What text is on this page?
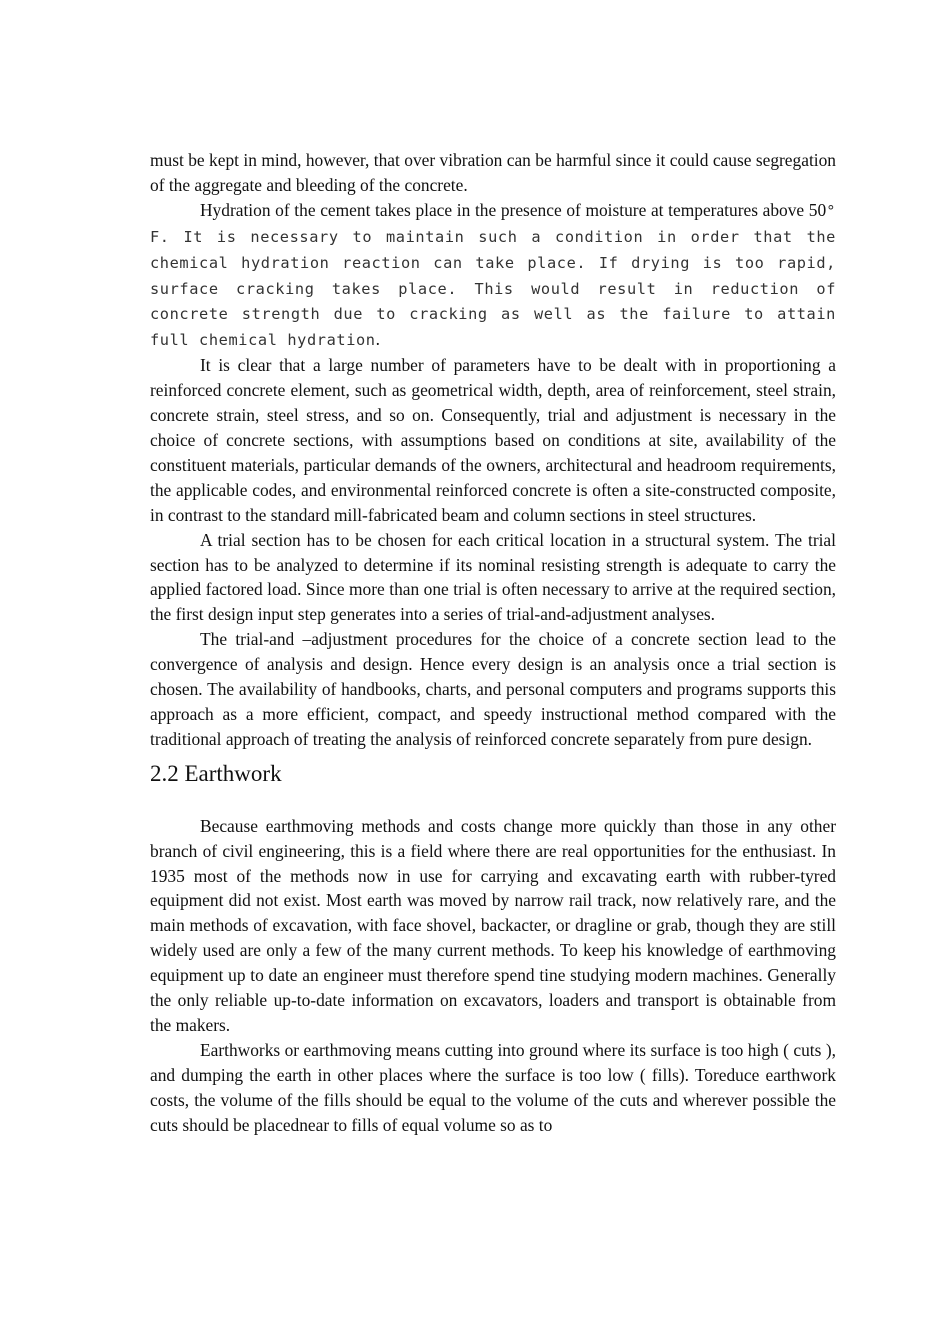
must be kept in mind, however, that over vibration can be harmful since it could cause segregation of the aggregate and bleeding of the concrete.

Hydration of the cement takes place in the presence of moisture at temperatures above 50° F. It is necessary to maintain such a condition in order that the chemical hydration reaction can take place. If drying is too rapid, surface cracking takes place. This would result in reduction of concrete strength due to cracking as well as the failure to attain full chemical hydration.

It is clear that a large number of parameters have to be dealt with in proportioning a reinforced concrete element, such as geometrical width, depth, area of reinforcement, steel strain, concrete strain, steel stress, and so on. Consequently, trial and adjustment is necessary in the choice of concrete sections, with assumptions based on conditions at site, availability of the constituent materials, particular demands of the owners, architectural and headroom requirements, the applicable codes, and environmental reinforced concrete is often a site-constructed composite, in contrast to the standard mill-fabricated beam and column sections in steel structures.

A trial section has to be chosen for each critical location in a structural system. The trial section has to be analyzed to determine if its nominal resisting strength is adequate to carry the applied factored load. Since more than one trial is often necessary to arrive at the required section, the first design input step generates into a series of trial-and-adjustment analyses.

The trial-and –adjustment procedures for the choice of a concrete section lead to the convergence of analysis and design. Hence every design is an analysis once a trial section is chosen. The availability of handbooks, charts, and personal computers and programs supports this approach as a more efficient, compact, and speedy instructional method compared with the traditional approach of treating the analysis of reinforced concrete separately from pure design.

2.2 Earthwork

Because earthmoving methods and costs change more quickly than those in any other branch of civil engineering, this is a field where there are real opportunities for the enthusiast. In 1935 most of the methods now in use for carrying and excavating earth with rubber-tyred equipment did not exist. Most earth was moved by narrow rail track, now relatively rare, and the main methods of excavation, with face shovel, backacter, or dragline or grab, though they are still widely used are only a few of the many current methods. To keep his knowledge of earthmoving equipment up to date an engineer must therefore spend tine studying modern machines. Generally the only reliable up-to-date information on excavators, loaders and transport is obtainable from the makers.

Earthworks or earthmoving means cutting into ground where its surface is too high ( cuts ), and dumping the earth in other places where the surface is too low ( fills). Toreduce earthwork costs, the volume of the fills should be equal to the volume of the cuts and wherever possible the cuts should be placednear to fills of equal volume so as to
